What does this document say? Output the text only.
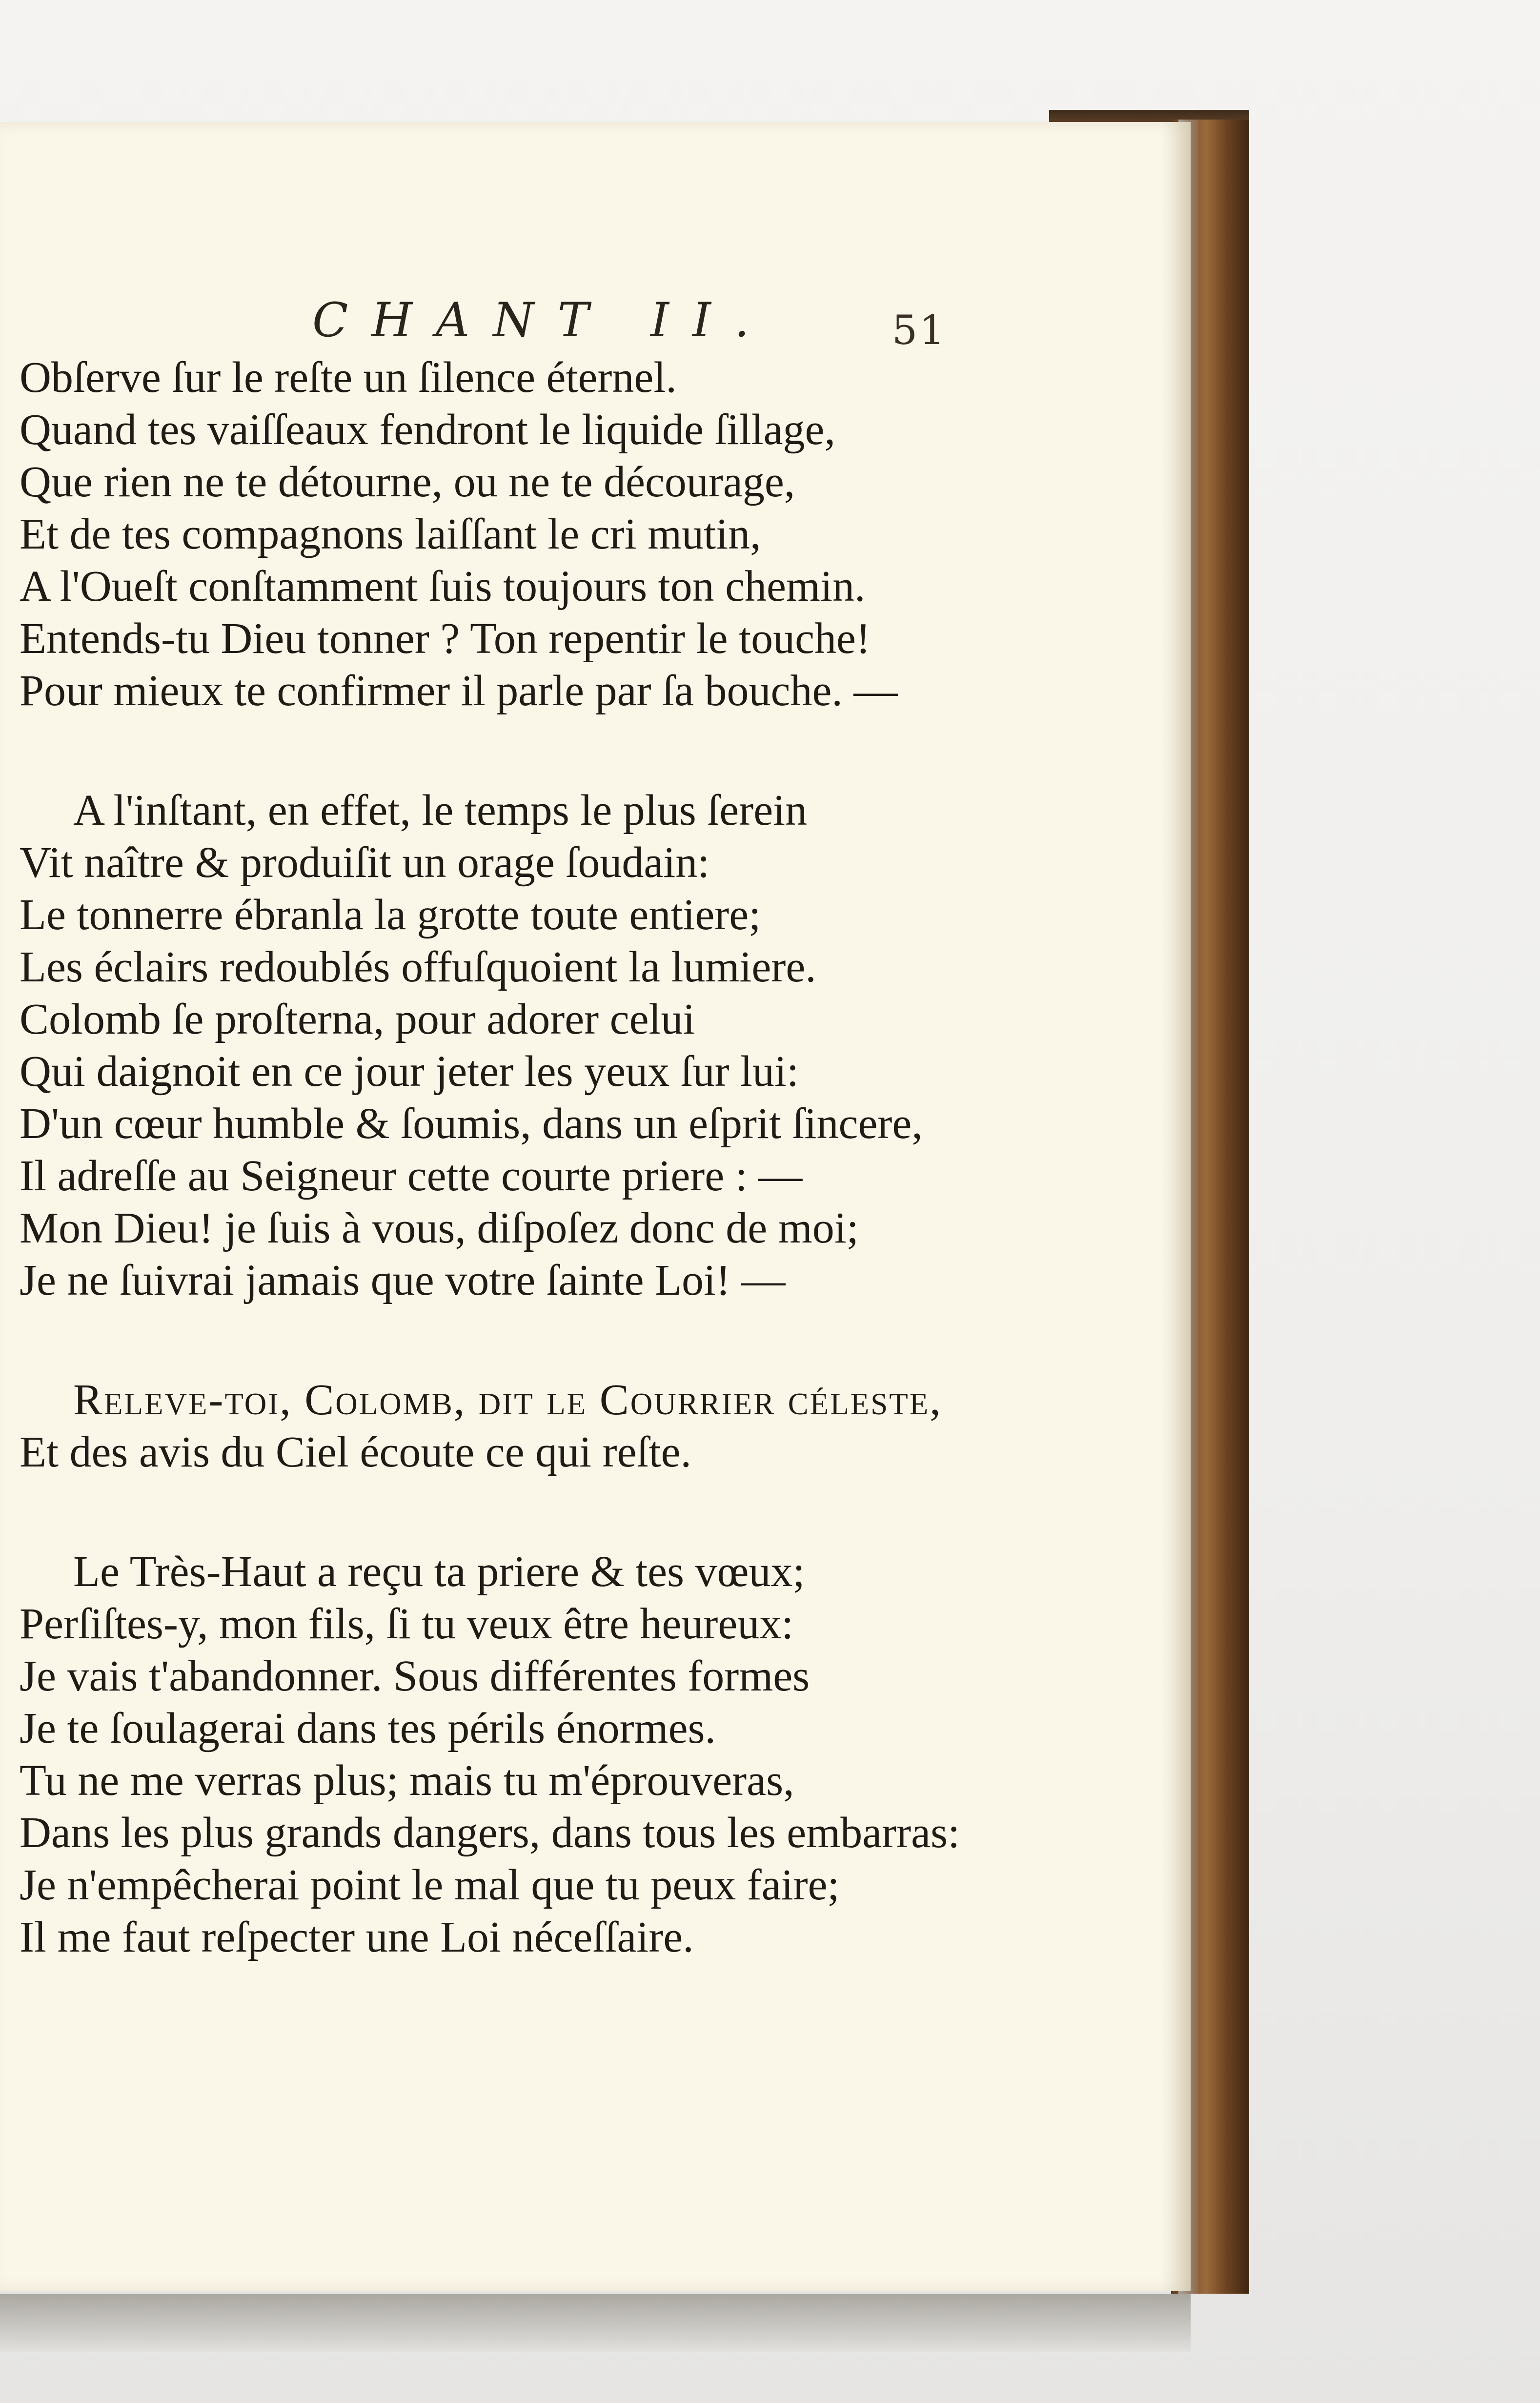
CHANT II.	51
Obſerve ſur le reſte un ſilence éternel.
Quand tes vaiſſeaux fendront le liquide ſillage,
Que rien ne te détourne, ou ne te décourage,
Et de tes compagnons laiſſant le cri mutin,
A l'Oueſt conſtamment ſuis toujours ton chemin.
Entends-tu Dieu tonner ? Ton repentir le touche!
Pour mieux te confirmer il parle par ſa bouche. —
A l'inſtant, en effet, le temps le plus ſerein
Vit naître & produiſit un orage ſoudain:
Le tonnerre ébranla la grotte toute entiere;
Les éclairs redoublés offuſquoient la lumiere.
Colomb ſe proſterna, pour adorer celui
Qui daignoit en ce jour jeter les yeux ſur lui:
D'un cœur humble & ſoumis, dans un eſprit ſincere,
Il adreſſe au Seigneur cette courte priere : —
Mon Dieu! je ſuis à vous, diſpoſez donc de moi;
Je ne ſuivrai jamais que votre ſainte Loi! —
Releve-toi, Colomb, dit le Courrier céleſte,
Et des avis du Ciel écoute ce qui reſte.
Le Très-Haut a reçu ta priere & tes vœux;
Perſiſtes-y, mon fils, ſi tu veux être heureux:
Je vais t'abandonner. Sous différentes formes
Je te ſoulagerai dans tes périls énormes.
Tu ne me verras plus; mais tu m'éprouveras,
Dans les plus grands dangers, dans tous les embarras:
Je n'empêcherai point le mal que tu peux faire;
Il me faut reſpecter une Loi néceſſaire.
